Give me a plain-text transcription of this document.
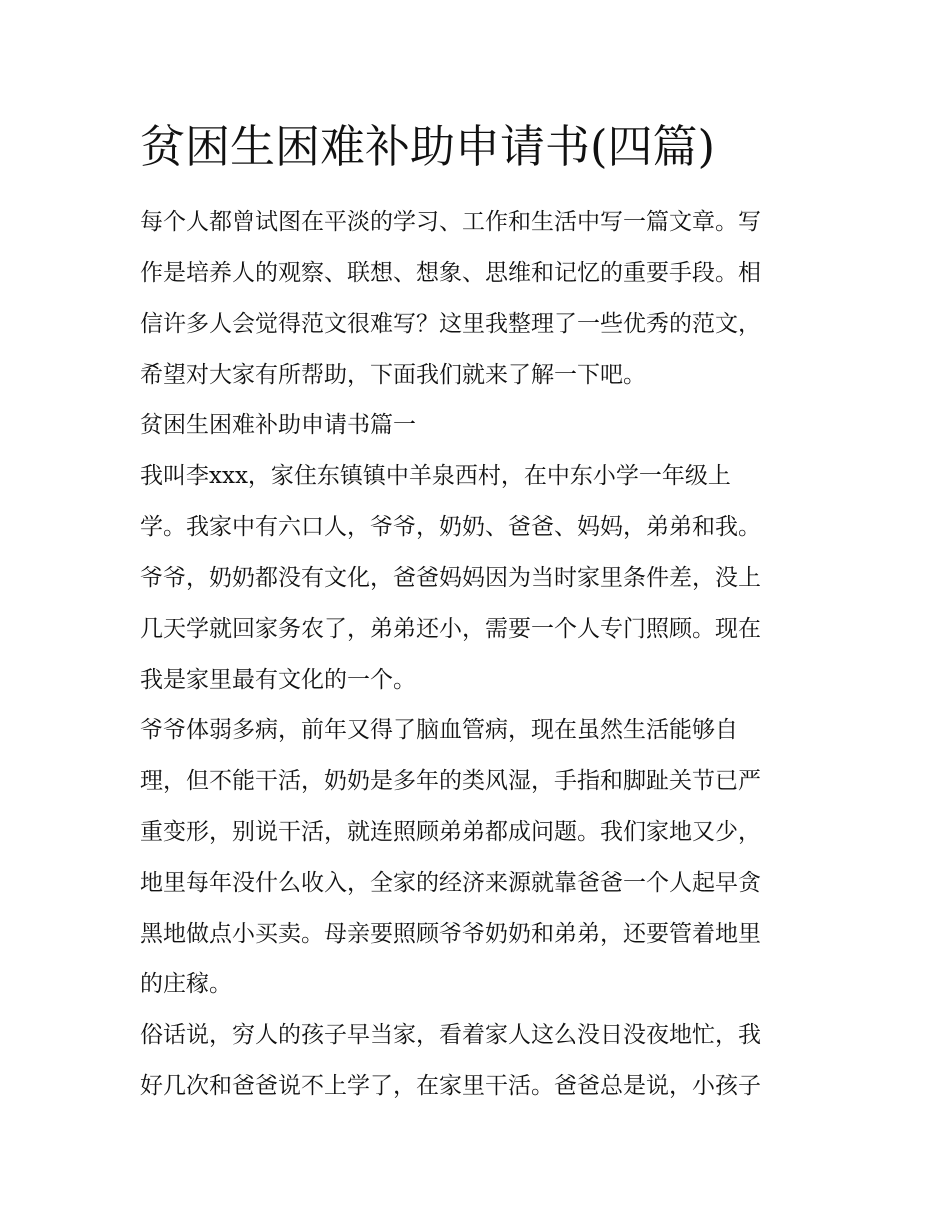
贫困生困难补助申请书(四篇)

每个人都曾试图在平淡的学习、工作和生活中写一篇文章。写

作是培养人的观察、联想、想象、思维和记忆的重要手段。相

信许多人会觉得范文很难写？这里我整理了一些优秀的范文，

希望对大家有所帮助，下面我们就来了解一下吧。

贫困生困难补助申请书篇一

我叫李xxx，家住东镇镇中羊泉西村，在中东小学一年级上

学。我家中有六口人，爷爷，奶奶、爸爸、妈妈，弟弟和我。

爷爷，奶奶都没有文化，爸爸妈妈因为当时家里条件差，没上

几天学就回家务农了，弟弟还小，需要一个人专门照顾。现在

我是家里最有文化的一个。

爷爷体弱多病，前年又得了脑血管病，现在虽然生活能够自

理，但不能干活，奶奶是多年的类风湿，手指和脚趾关节已严

重变形，别说干活，就连照顾弟弟都成问题。我们家地又少，

地里每年没什么收入，全家的经济来源就靠爸爸一个人起早贪

黑地做点小买卖。母亲要照顾爷爷奶奶和弟弟，还要管着地里

的庄稼。

俗话说，穷人的孩子早当家，看着家人这么没日没夜地忙，我

好几次和爸爸说不上学了，在家里干活。爸爸总是说，小孩子
